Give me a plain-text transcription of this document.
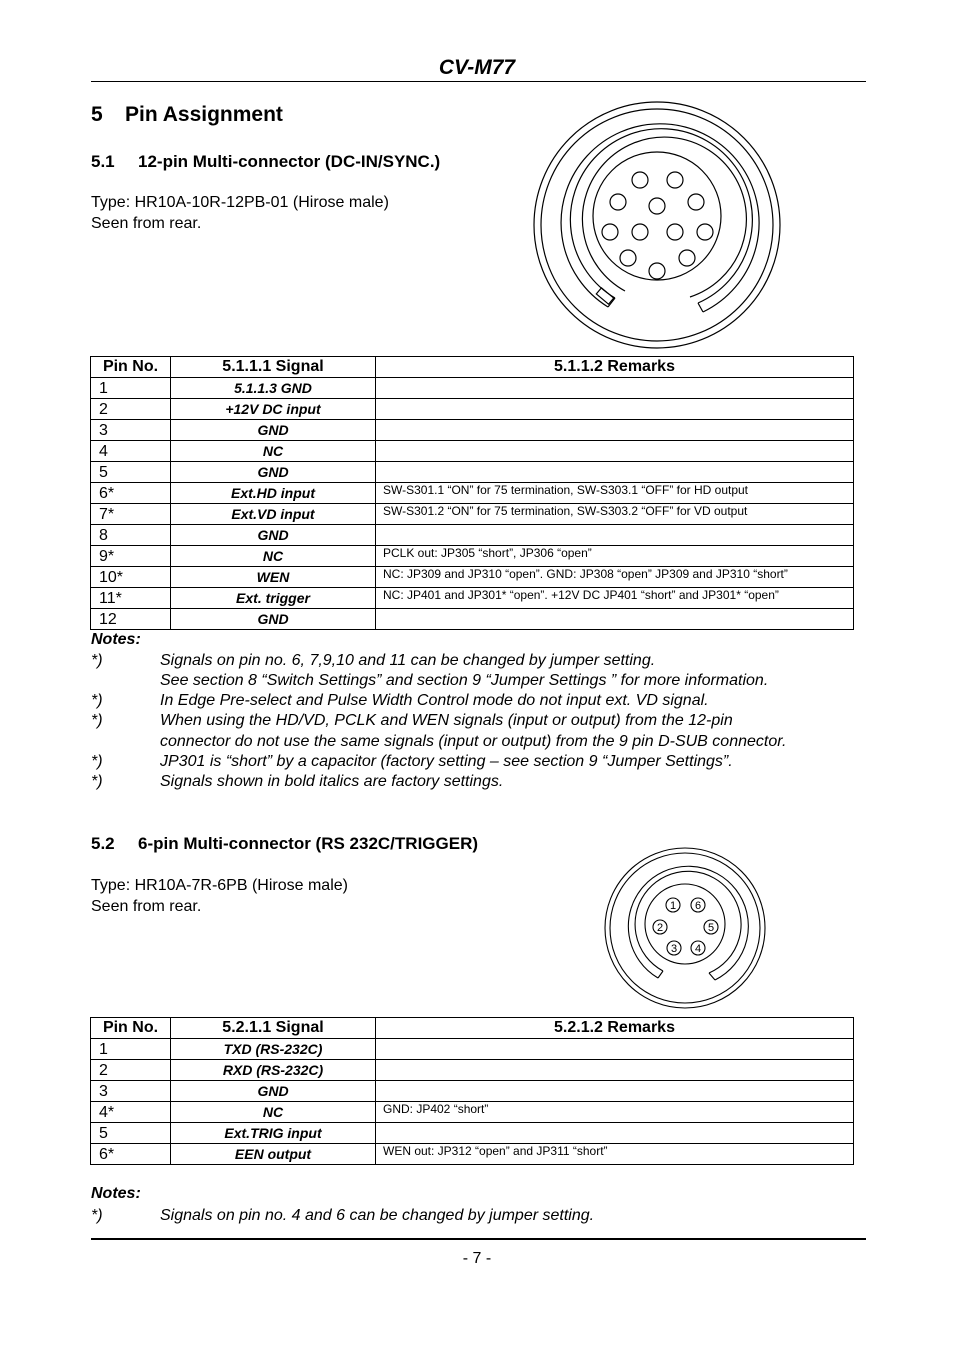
CV-M77
5 Pin Assignment
5.1 12-pin Multi-connector (DC-IN/SYNC.)
Type: HR10A-10R-12PB-01 (Hirose male)
Seen from rear.
Pin No.	5.1.1.1 Signal	5.1.1.2 Remarks
1	5.1.1.3 GND	
2	+12V DC input	
3	GND	
4	NC	
5	GND	
6*	Ext.HD input	SW-S301.1 “ON” for 75 termination, SW-S303.1 “OFF” for HD output
7*	Ext.VD input	SW-S301.2 “ON” for 75 termination, SW-S303.2 “OFF” for VD output
8	GND	
9*	NC	PCLK out: JP305 “short”, JP306 “open”
10*	WEN	NC: JP309 and JP310 “open”. GND: JP308 “open” JP309 and JP310 “short”
11*	Ext. trigger	NC: JP401 and JP301* “open”. +12V DC JP401 “short” and JP301* “open”
12	GND	
Notes:
*)	Signals on pin no. 6, 7,9,10 and 11 can be changed by jumper setting.
See section 8 “Switch Settings” and section 9 “Jumper Settings ” for more information.
*)	In Edge Pre-select and Pulse Width Control mode do not input ext. VD signal.
*)	When using the HD/VD, PCLK and WEN signals (input or output) from the 12-pin
connector do not use the same signals (input or output) from the 9 pin D-SUB connector.
*)	JP301 is “short” by a capacitor (factory setting – see section 9 “Jumper Settings”.
*)	Signals shown in bold italics are factory settings.
5.2 6-pin Multi-connector (RS 232C/TRIGGER)
Type: HR10A-7R-6PB (Hirose male)
Seen from rear.	1
2
3 4
5
6
Pin No.	5.2.1.1 Signal	5.2.1.2 Remarks
1	TXD (RS-232C)	
2	RXD (RS-232C)	
3	GND	
4*	NC	GND: JP402 “short”
5	Ext.TRIG input	
6*	EEN output	WEN out: JP312 “open” and JP311 “short”
Notes:
*)	Signals on pin no. 4 and 6 can be changed by jumper setting.
- 7 -
